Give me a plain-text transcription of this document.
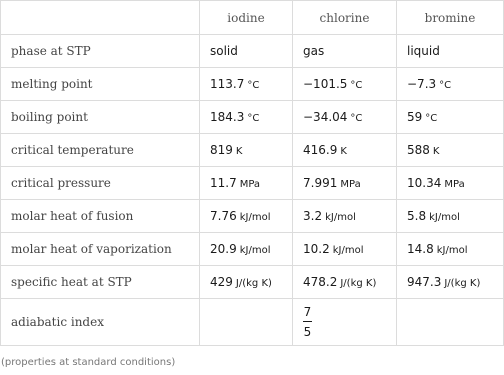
	iodine	chlorine	bromine
phase at STP	solid	gas	liquid
melting point	113.7 °C	−101.5 °C	−7.3 °C
boiling point	184.3 °C	−34.04 °C	59 °C
critical temperature	819 K	416.9 K	588 K
critical pressure	11.7 MPa	7.991 MPa	10.34 MPa
molar heat of fusion	7.76 kJ/mol	3.2 kJ/mol	5.8 kJ/mol
molar heat of vaporization	20.9 kJ/mol	10.2 kJ/mol	14.8 kJ/mol
specific heat at STP	429 J/(kg K)	478.2 J/(kg K)	947.3 J/(kg K)
adiabatic index		$\frac{7}{5}$

(properties at standard conditions)
